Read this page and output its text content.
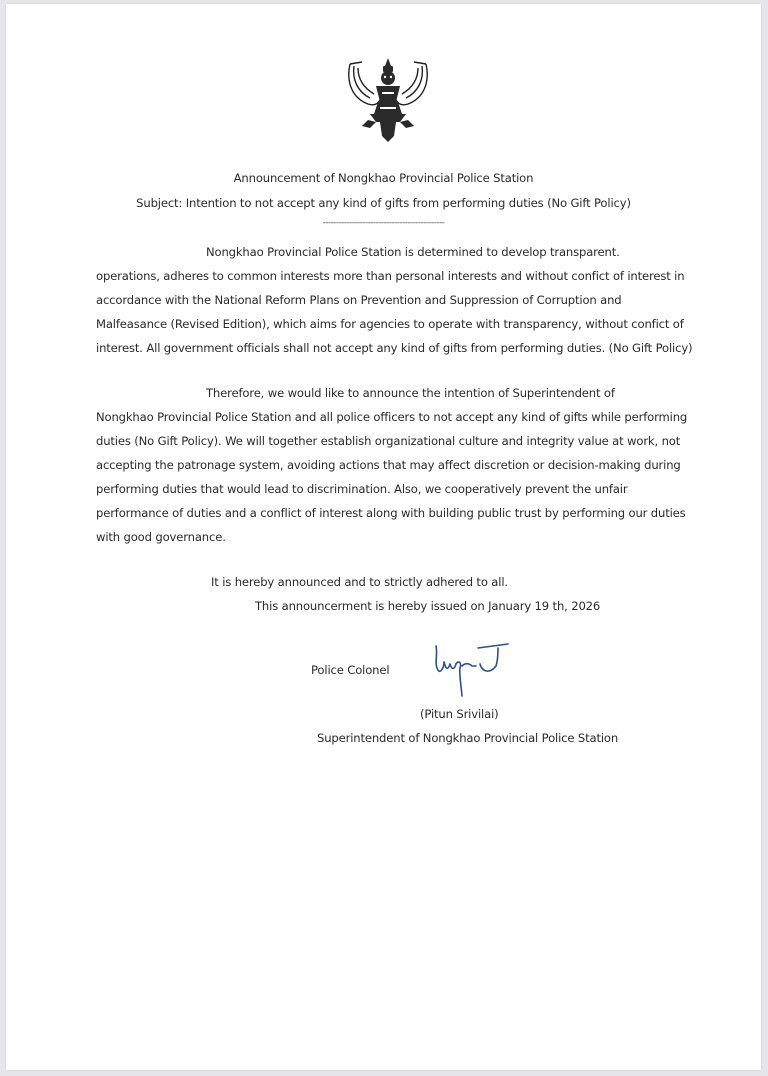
Announcement of Nongkhao Provincial Police Station
Subject: Intention to not accept any kind of gifts from performing duties (No Gift Policy)
----------------------------------------------
Nongkhao Provincial Police Station is determined to develop transparent.
operations, adheres to common interests more than personal interests and without confict of interest in
accordance with the National Reform Plans on Prevention and Suppression of Corruption and
Malfeasance (Revised Edition), which aims for agencies to operate with transparency, without confict of
interest. All government officials shall not accept any kind of gifts from performing duties. (No Gift Policy)
Therefore, we would like to announce the intention of Superintendent of
Nongkhao Provincial Police Station and all police officers to not accept any kind of gifts while performing
duties (No Gift Policy). We will together establish organizational culture and integrity value at work, not
accepting the patronage system, avoiding actions that may affect discretion or decision-making during
performing duties that would lead to discrimination. Also, we cooperatively prevent the unfair
performance of duties and a conflict of interest along with building public trust by performing our duties
with good governance.
It is hereby announced and to strictly adhered to all.
This announcerment is hereby issued on January 19 th, 2026
Police Colonel
(Pitun Srivilai)
Superintendent of Nongkhao Provincial Police Station
